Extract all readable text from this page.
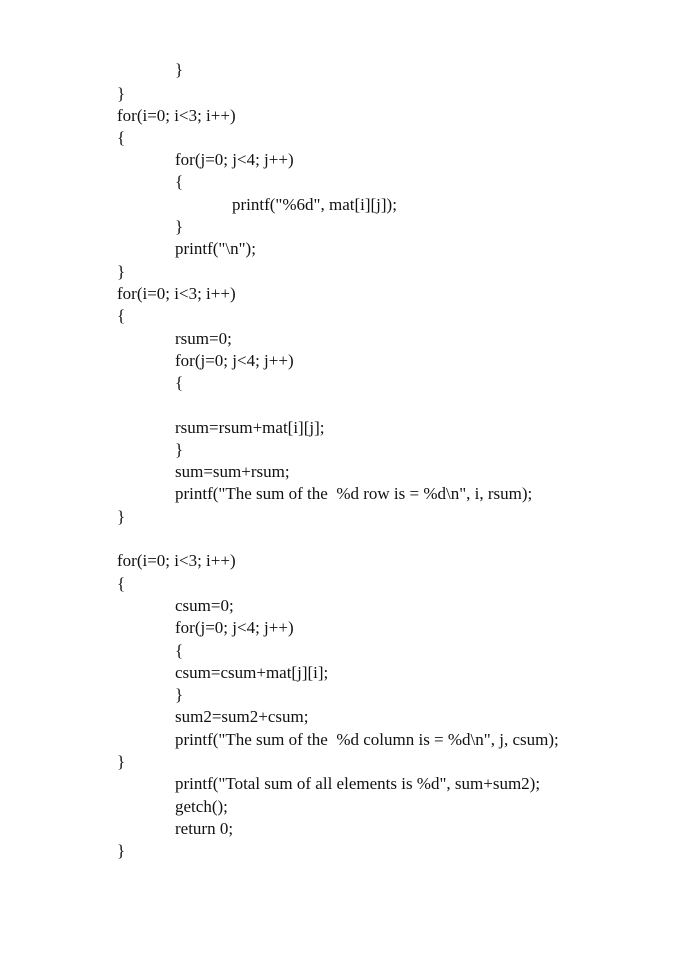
}
}
for(i=0; i<3; i++)
{
for(j=0; j<4; j++)
{
printf("%6d", mat[i][j]);
}
printf("\n");
}
for(i=0; i<3; i++)
{
rsum=0;
for(j=0; j<4; j++)
{
rsum=rsum+mat[i][j];
}
sum=sum+rsum;
printf("The sum of the  %d row is = %d\n", i, rsum);
}
for(i=0; i<3; i++)
{
csum=0;
for(j=0; j<4; j++)
{
csum=csum+mat[j][i];
}
sum2=sum2+csum;
printf("The sum of the  %d column is = %d\n", j, csum);
}
printf("Total sum of all elements is %d", sum+sum2);
getch();
return 0;
}
